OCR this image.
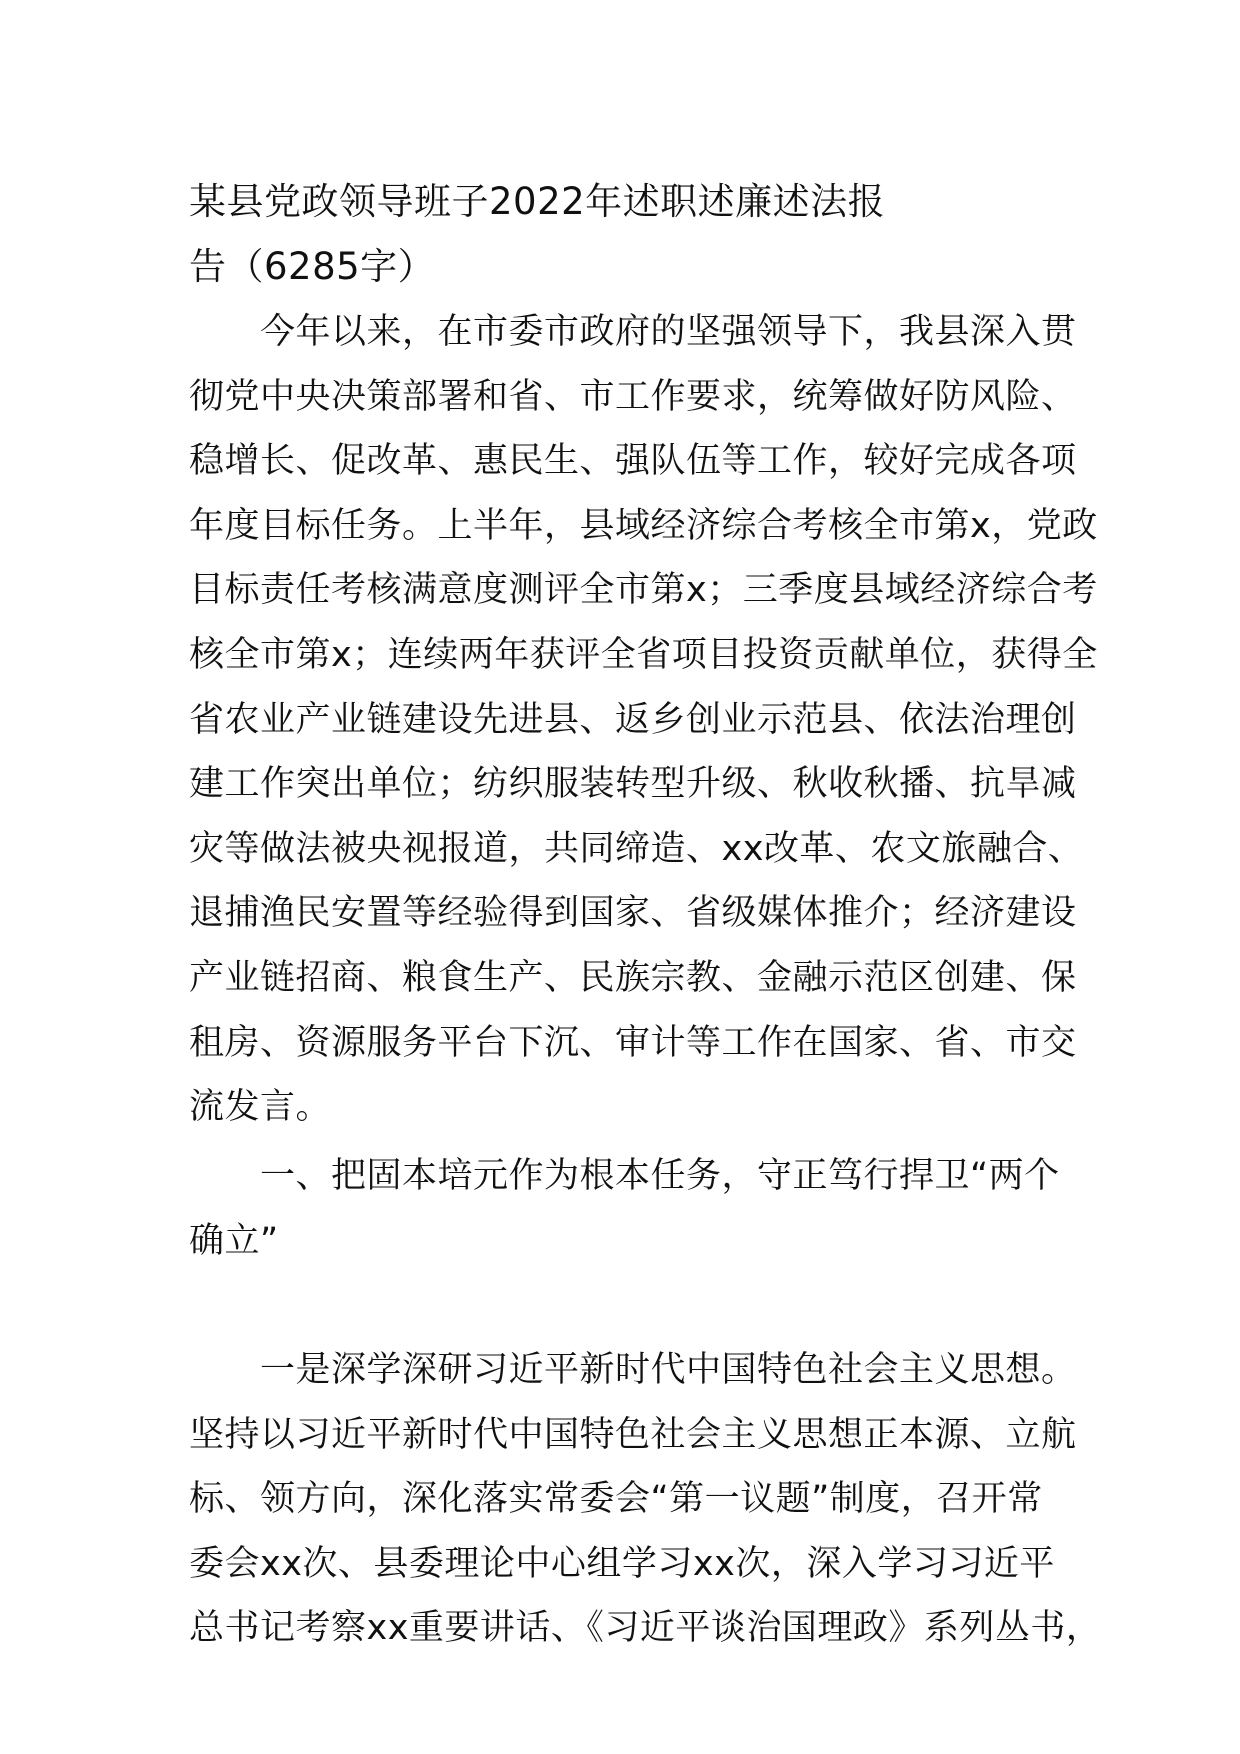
某县党政领导班子2022年述职述廉述法报
告（6285字）
　　今年以来，在市委市政府的坚强领导下，我县深入贯
彻党中央决策部署和省、市工作要求，统筹做好防风险、
稳增长、促改革、惠民生、强队伍等工作，较好完成各项
年度目标任务。上半年，县域经济综合考核全市第x，党政
目标责任考核满意度测评全市第x；三季度县域经济综合考
核全市第x；连续两年获评全省项目投资贡献单位，获得全
省农业产业链建设先进县、返乡创业示范县、依法治理创
建工作突出单位；纺织服装转型升级、秋收秋播、抗旱减
灾等做法被央视报道，共同缔造、xx改革、农文旅融合、
退捕渔民安置等经验得到国家、省级媒体推介；经济建设
产业链招商、粮食生产、民族宗教、金融示范区创建、保
租房、资源服务平台下沉、审计等工作在国家、省、市交
流发言。
　　一、把固本培元作为根本任务，守正笃行捍卫“两个
确立”
　　一是深学深研习近平新时代中国特色社会主义思想。
坚持以习近平新时代中国特色社会主义思想正本源、立航
标、领方向，深化落实常委会“第一议题”制度，召开常
委会xx次、县委理论中心组学习xx次，深入学习习近平
总书记考察xx重要讲话、《习近平谈治国理政》系列丛书，
